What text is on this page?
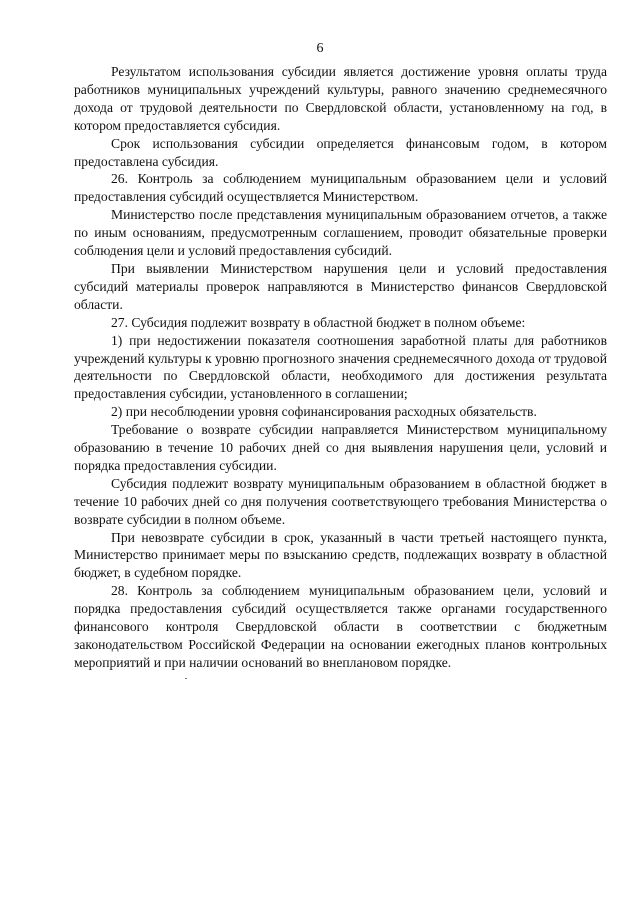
6

Результатом использования субсидии является достижение уровня оплаты труда работников муниципальных учреждений культуры, равного значению среднемесячного дохода от трудовой деятельности по Свердловской области, установленному на год, в котором предоставляется субсидия.

Срок использования субсидии определяется финансовым годом, в котором предоставлена субсидия.

26. Контроль за соблюдением муниципальным образованием цели и условий предоставления субсидий осуществляется Министерством.

Министерство после представления муниципальным образованием отчетов, а также по иным основаниям, предусмотренным соглашением, проводит обязательные проверки соблюдения цели и условий предоставления субсидий.

При выявлении Министерством нарушения цели и условий предоставления субсидий материалы проверок направляются в Министерство финансов Свердловской области.

27. Субсидия подлежит возврату в областной бюджет в полном объеме:

1) при недостижении показателя соотношения заработной платы для работников учреждений культуры к уровню прогнозного значения среднемесячного дохода от трудовой деятельности по Свердловской области, необходимого для достижения результата предоставления субсидии, установленного в соглашении;

2) при несоблюдении уровня софинансирования расходных обязательств.

Требование о возврате субсидии направляется Министерством муниципальному образованию в течение 10 рабочих дней со дня выявления нарушения цели, условий и порядка предоставления субсидии.

Субсидия подлежит возврату муниципальным образованием в областной бюджет в течение 10 рабочих дней со дня получения соответствующего требования Министерства о возврате субсидии в полном объеме.

При невозврате субсидии в срок, указанный в части третьей настоящего пункта, Министерство принимает меры по взысканию средств, подлежащих возврату в областной бюджет, в судебном порядке.

28. Контроль за соблюдением муниципальным образованием цели, условий и порядка предоставления субсидий осуществляется также органами государственного финансового контроля Свердловской области в соответствии с бюджетным законодательством Российской Федерации на основании ежегодных планов контрольных мероприятий и при наличии оснований во внеплановом порядке.
